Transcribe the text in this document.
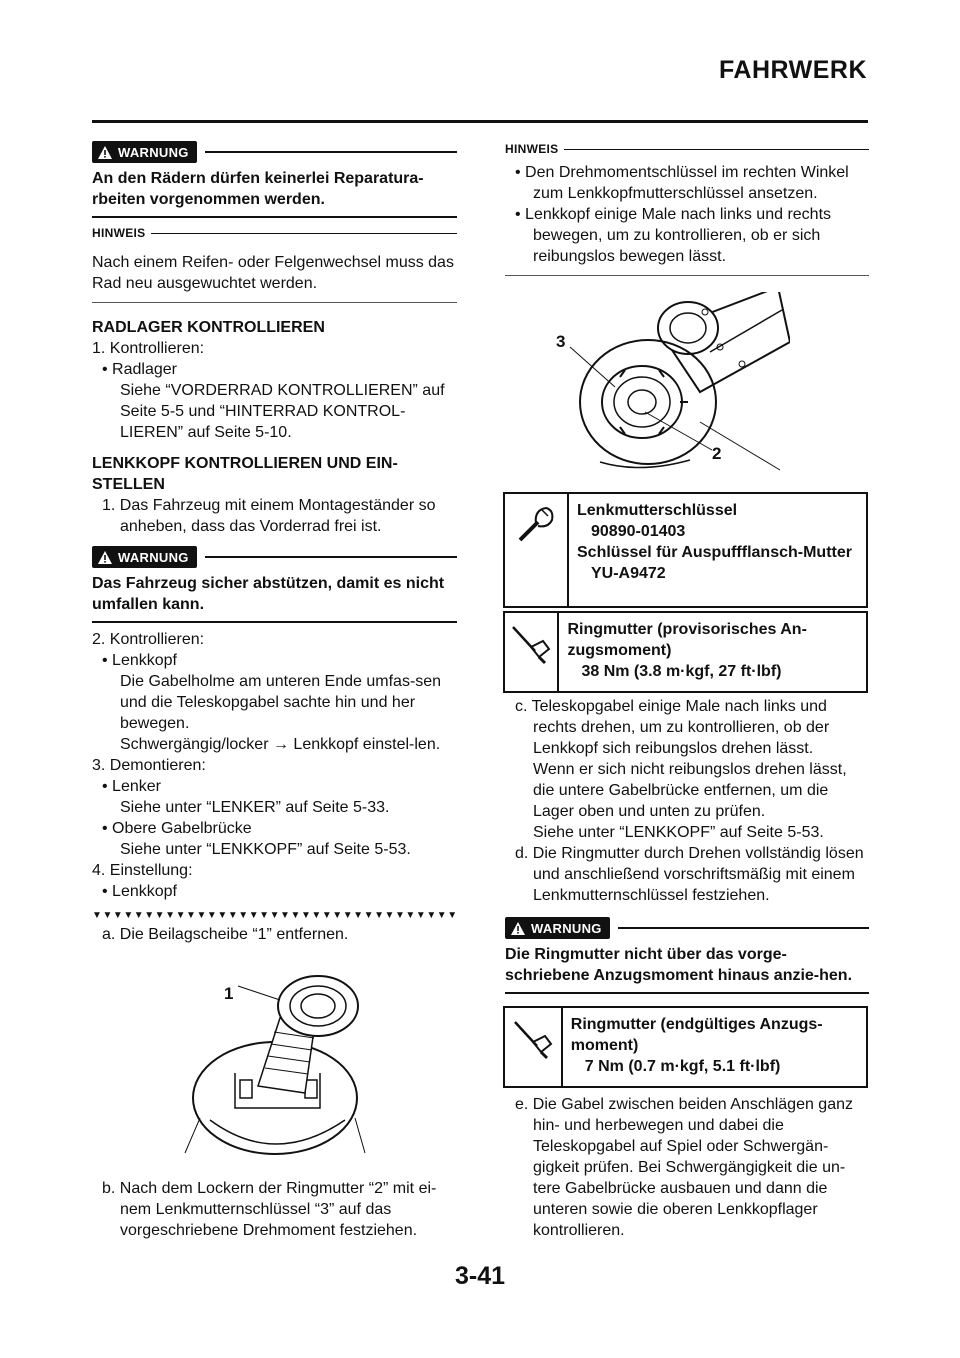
FAHRWERK
WARNUNG

An den Rädern dürfen keinerlei Reparatura-rbeiten vorgenommen werden.

HINWEIS

Nach einem Reifen- oder Felgenwechsel muss das Rad neu ausgewuchtet werden.

RADLAGER KONTROLLIEREN

1. Kontrollieren:

• Radlager

Siehe “VORDERRAD KONTROLLIEREN” auf Seite 5-5 und “HINTERRAD KONTROL-LIEREN” auf Seite 5-10.

LENKKOPF KONTROLLIEREN UND EIN-STELLEN

1. Das Fahrzeug mit einem Montageständer so anheben, dass das Vorderrad frei ist.

WARNUNG

Das Fahrzeug sicher abstützen, damit es nicht umfallen kann.

2. Kontrollieren:

• Lenkkopf

Die Gabelholme am unteren Ende umfas-sen und die Teleskopgabel sachte hin und her bewegen.

Schwergängig/locker → Lenkkopf einstel-len.

3. Demontieren:

• Lenker

Siehe unter “LENKER” auf Seite 5-33.

• Obere Gabelbrücke

Siehe unter “LENKKOPF” auf Seite 5-53.

4. Einstellung:

• Lenkkopf

▼▼▼▼▼▼▼▼▼▼▼▼▼▼▼▼▼▼▼▼▼▼▼▼▼▼▼▼▼▼▼▼▼▼▼

a. Die Beilagscheibe “1” entfernen.

1

b. Nach dem Lockern der Ringmutter “2” mit ei-nem Lenkmutternschlüssel “3” auf das vorgeschriebene Drehmoment festziehen.

HINWEIS

• Den Drehmomentschlüssel im rechten Winkel zum Lenkkopfmutterschlüssel ansetzen.

• Lenkkopf einige Male nach links und rechts bewegen, um zu kontrollieren, ob er sich reibungslos bewegen lässt.

3
2
Lenkmutterschlüssel
90890-01403
Schlüssel für Auspuffflansch-Mutter
YU-A9472
Ringmutter (provisorisches An-zugsmoment)
38 Nm (3.8 m·kgf, 27 ft·lbf)

c. Teleskopgabel einige Male nach links und rechts drehen, um zu kontrollieren, ob der Lenkkopf sich reibungslos drehen lässt.

Wenn er sich nicht reibungslos drehen lässt, die untere Gabelbrücke entfernen, um die Lager oben und unten zu prüfen.

Siehe unter “LENKKOPF” auf Seite 5-53.

d. Die Ringmutter durch Drehen vollständig lösen und anschließend vorschriftsmäßig mit einem Lenkmutternschlüssel festziehen.

WARNUNG

Die Ringmutter nicht über das vorge-schriebene Anzugsmoment hinaus anzie-hen.

Ringmutter (endgültiges Anzugs-moment)
7 Nm (0.7 m·kgf, 5.1 ft·lbf)

e. Die Gabel zwischen beiden Anschlägen ganz hin- und herbewegen und dabei die Teleskopgabel auf Spiel oder Schwergän-gigkeit prüfen. Bei Schwergängigkeit die un-tere Gabelbrücke ausbauen und dann die unteren sowie die oberen Lenkkopflager kontrollieren.

3-41
